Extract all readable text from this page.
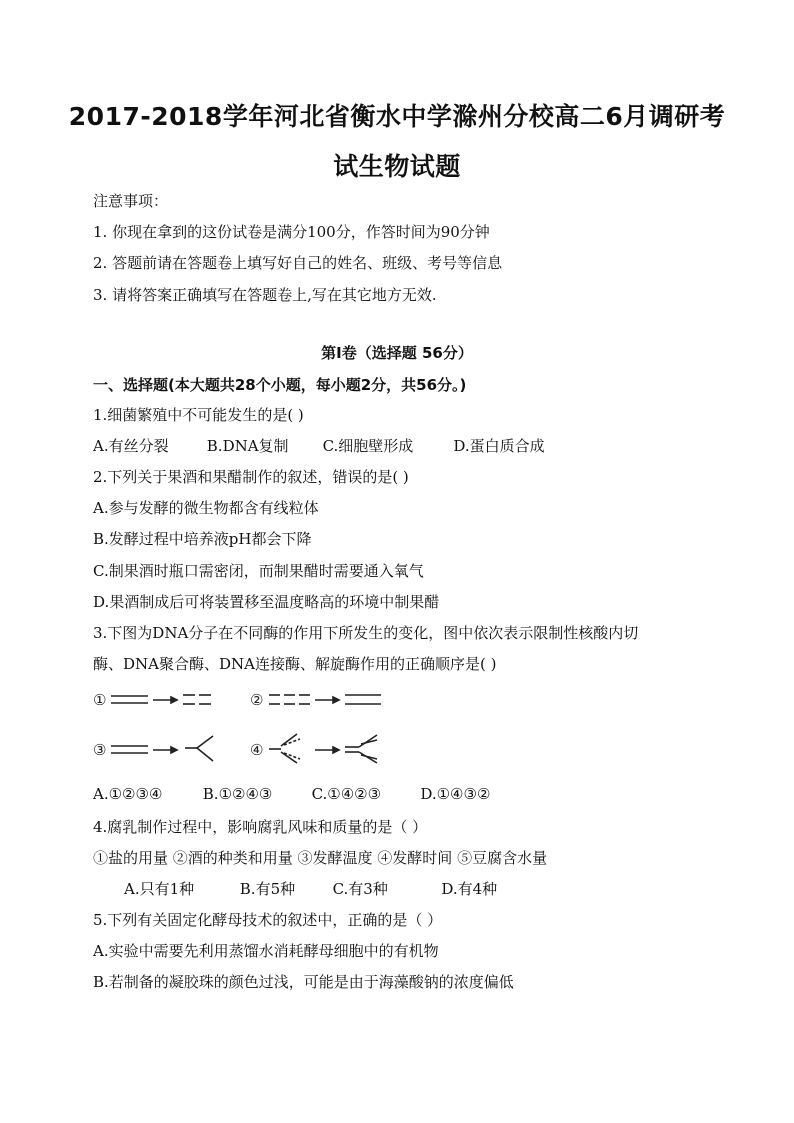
2017-2018学年河北省衡水中学滁州分校高二6月调研考
试生物试题
注意事项：
1. 你现在拿到的这份试卷是满分100分，作答时间为90分钟
2. 答题前请在答题卷上填写好自己的姓名、班级、考号等信息
3. 请将答案正确填写在答题卷上,写在其它地方无效.
第I卷（选择题 56分）
一、选择题(本大题共28个小题，每小题2分，共56分。)
1.细菌繁殖中不可能发生的是( )
A.有丝分裂	B.DNA复制 C.细胞壁形成	D.蛋白质合成
2.下列关于果酒和果醋制作的叙述，错误的是( )
A.参与发酵的微生物都含有线粒体
B.发酵过程中培养液pH都会下降
C.制果酒时瓶口需密闭，而制果醋时需要通入氧气
D.果酒制成后可将装置移至温度略高的环境中制果醋
3.下图为DNA分子在不同酶的作用下所发生的变化，图中依次表示限制性核酸内切
酶、DNA聚合酶、DNA连接酶、解旋酶作用的正确顺序是( )
①	②
③	④
A.①②③④	B.①②④③	C.①④②③	D.①④③②
4.腐乳制作过程中，影响腐乳风味和质量的是（ ）
①盐的用量 ②酒的种类和用量 ③发酵温度 ④发酵时间 ⑤豆腐含水量
A.只有1种	B.有5种 C.有3种	D.有4种
5.下列有关固定化酵母技术的叙述中，正确的是（ ）
A.实验中需要先利用蒸馏水消耗酵母细胞中的有机物
B.若制备的凝胶珠的颜色过浅，可能是由于海藻酸钠的浓度偏低
